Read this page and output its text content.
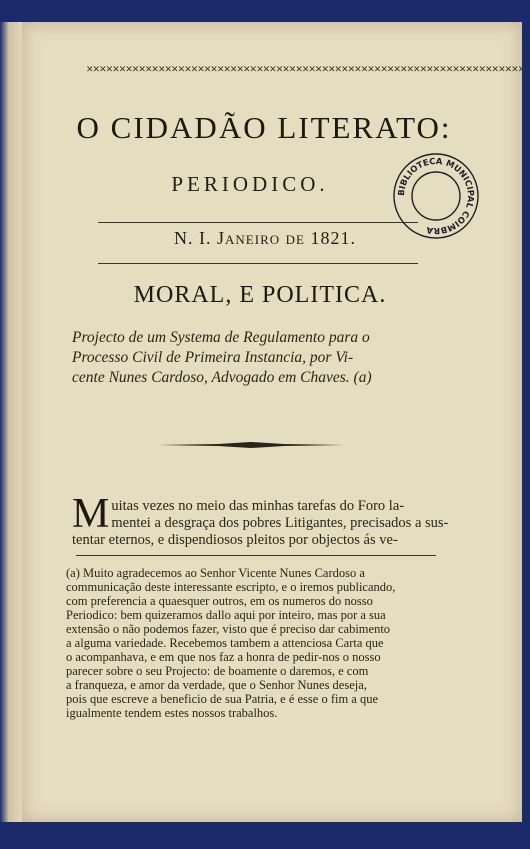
✕✕✕✕✕✕✕✕✕✕✕✕✕✕✕✕✕✕✕✕✕✕✕✕✕✕✕✕✕✕✕✕✕✕✕✕✕✕✕✕✕✕✕✕✕✕✕✕✕✕✕✕✕✕✕✕✕✕✕✕✕✕✕✕✕✕✕
O CIDADÃO LITERATO:
PERIODICO.
N. I. Janeiro de 1821.
BIBLIOTECA MUNICIPAL COIMBRA
MORAL, E POLITICA.
Projecto de um Systema de Regulamento para o
Processo Civil de Primeira Instancia, por Vi-
cente Nunes Cardoso, Advogado em Chaves. (a)
M uitas vezes no meio das minhas tarefas do Foro la-
mentei a desgraça dos pobres Litigantes, precisados a sus-
tentar eternos, e dispendiosos pleitos por objectos ás ve-
(a) Muito agradecemos ao Senhor Vicente Nunes Cardoso a
communicação deste interessante escripto, e o iremos publicando,
com preferencia a quaesquer outros, em os numeros do nosso
Periodico: bem quizeramos dallo aqui por inteiro, mas por a sua
extensão o não podemos fazer, visto que é preciso dar cabimento
a alguma variedade. Recebemos tambem a attenciosa Carta que
o acompanhava, e em que nos faz a honra de pedir-nos o nosso
parecer sobre o seu Projecto: de boamente o daremos, e com
a franqueza, e amor da verdade, que o Senhor Nunes deseja,
pois que escreve a beneficio de sua Patria, e é esse o fim a que
igualmente tendem estes nossos trabalhos.
